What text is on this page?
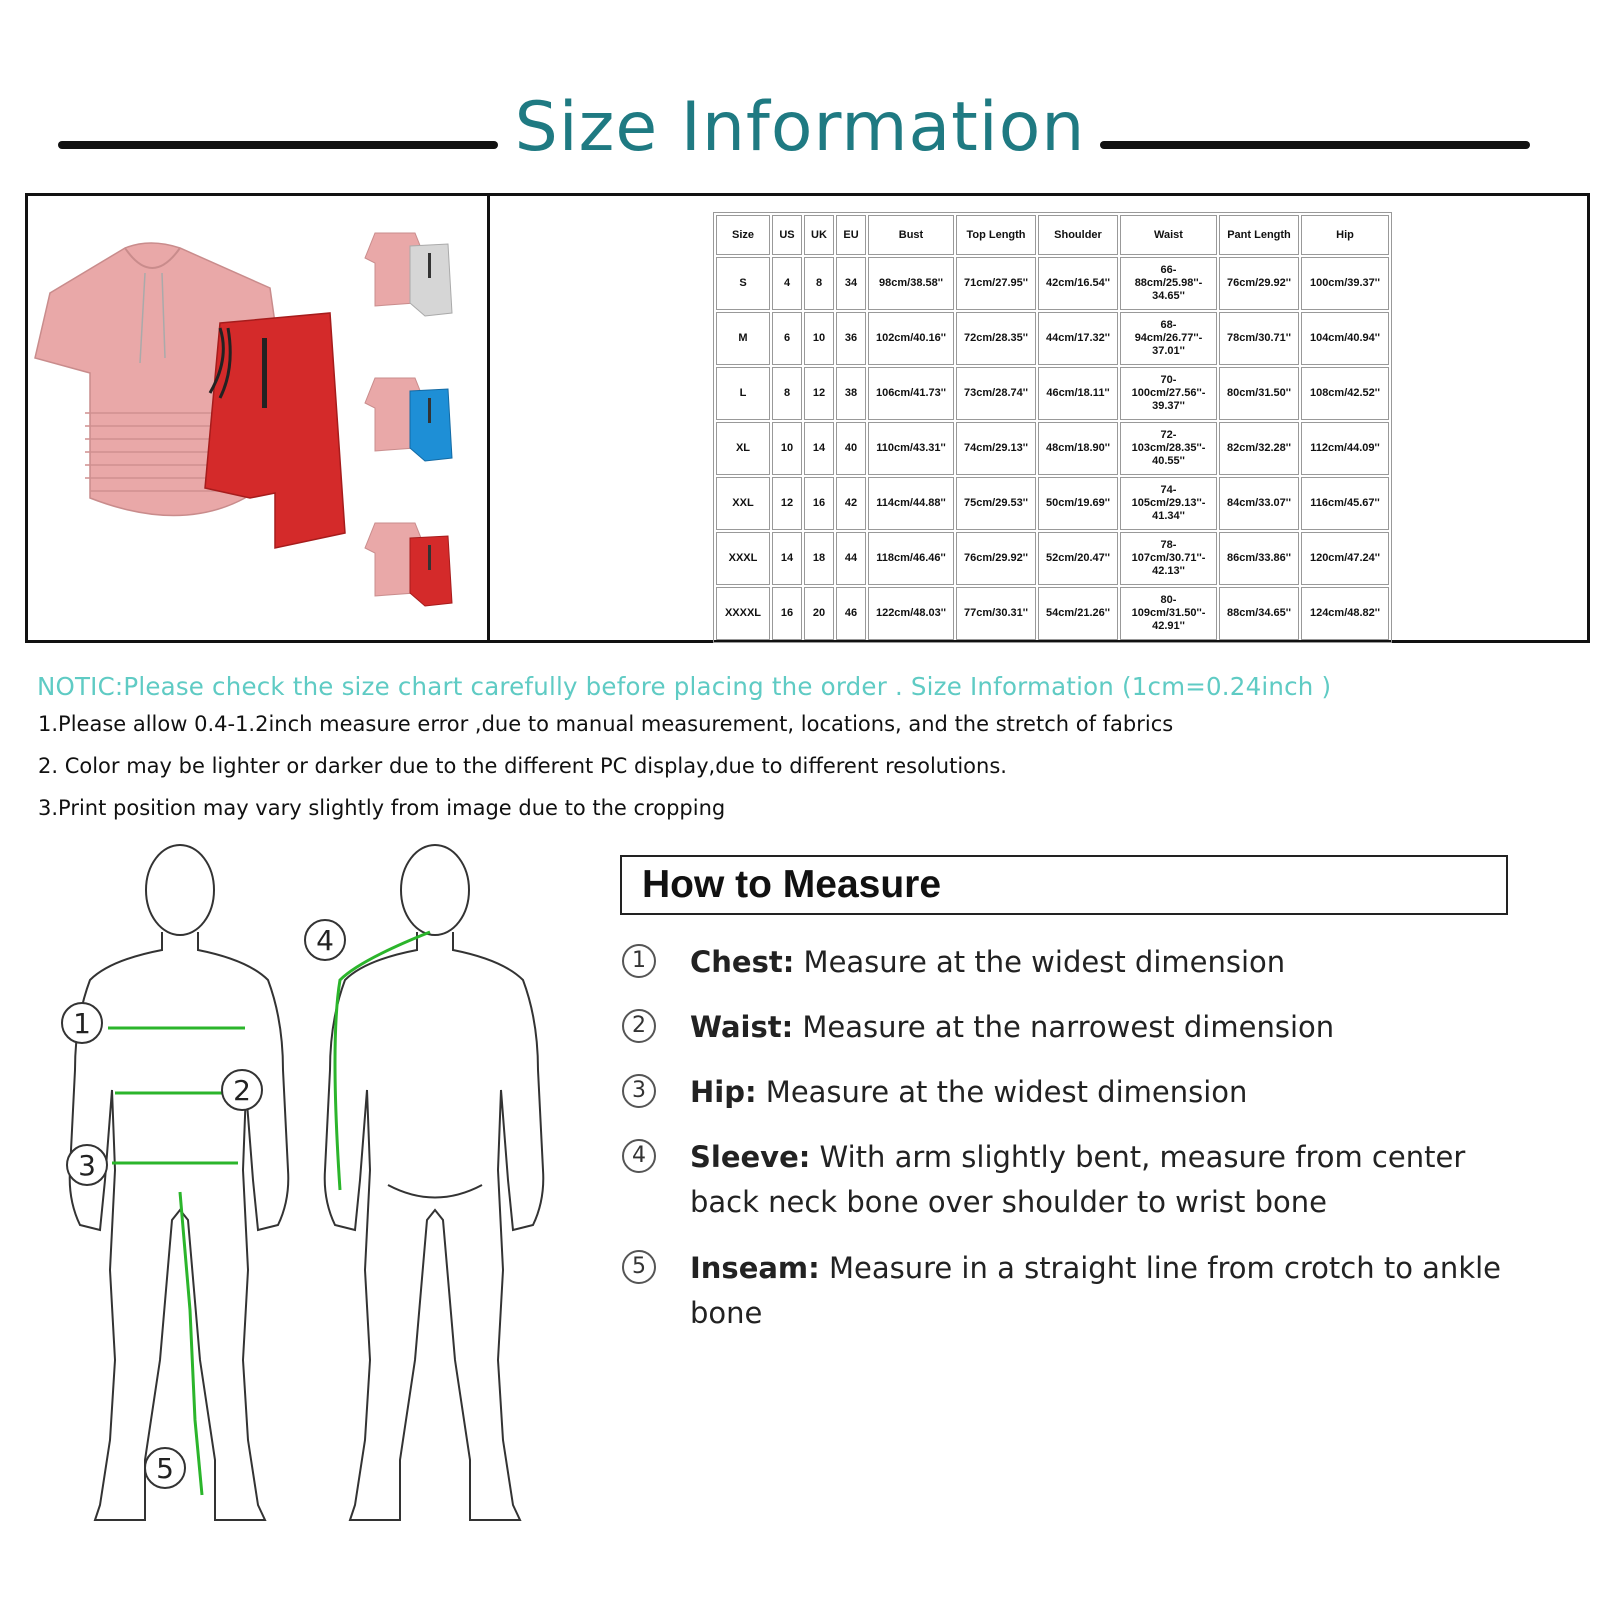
Size Information
Size	US	UK	EU	Bust	Top Length	Shoulder	Waist	Pant Length	Hip
S	4	8	34	98cm/38.58''	71cm/27.95''	42cm/16.54''	66-
88cm/25.98''-
34.65''	76cm/29.92''	100cm/39.37''
M	6	10	36	102cm/40.16''	72cm/28.35''	44cm/17.32''	68-
94cm/26.77''-
37.01''	78cm/30.71''	104cm/40.94''
L	8	12	38	106cm/41.73''	73cm/28.74''	46cm/18.11''	70-
100cm/27.56''-
39.37''	80cm/31.50''	108cm/42.52''
XL	10	14	40	110cm/43.31''	74cm/29.13''	48cm/18.90''	72-
103cm/28.35''-
40.55''	82cm/32.28''	112cm/44.09''
XXL	12	16	42	114cm/44.88''	75cm/29.53''	50cm/19.69''	74-
105cm/29.13''-
41.34''	84cm/33.07''	116cm/45.67''
XXXL	14	18	44	118cm/46.46''	76cm/29.92''	52cm/20.47''	78-
107cm/30.71''-
42.13''	86cm/33.86''	120cm/47.24''
XXXXL	16	20	46	122cm/48.03''	77cm/30.31''	54cm/21.26''	80-
109cm/31.50''-
42.91''	88cm/34.65''	124cm/48.82''
NOTIC:Please check the size chart carefully before placing the order . Size Information (1cm=0.24inch )
1.Please allow 0.4-1.2inch measure error ,due to manual measurement, locations, and the stretch of fabrics
2. Color may be lighter or darker due to the different PC display,due to different resolutions.
3.Print position may vary slightly from image due to the cropping
1
2
3
4
5
How to Measure
1	Chest: Measure at the widest dimension
2	Waist: Measure at the narrowest dimension
3	Hip: Measure at the widest dimension
4	Sleeve: With arm slightly bent, measure from center back neck bone over shoulder to wrist bone
5	Inseam: Measure in a straight line from crotch to ankle bone
